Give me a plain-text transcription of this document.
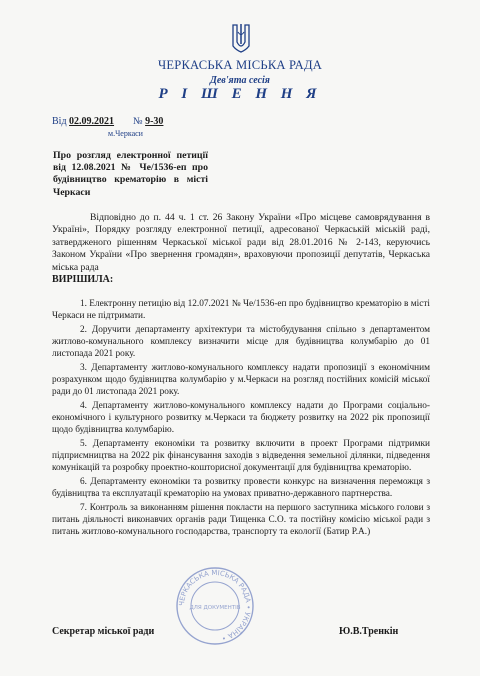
ЧЕРКАСЬКА МІСЬКА РАДА
Дев'ята сесія
Р І Ш Е Н Н Я
Від 02.09.2021 № 9-30
м.Черкаси
Про розгляд електронної петиції від 12.08.2021 № Че/1536-еп про будівництво крематорію в місті Черкаси
Відповідно до п. 44 ч. 1 ст. 26 Закону України «Про місцеве самоврядування в Україні», Порядку розгляду електронної петиції, адресованої Черкаській міській раді, затвердженого рішенням Черкаської міської ради від 28.01.2016 № 2-143, керуючись Законом України «Про звернення громадян», враховуючи пропозиції депутатів, Черкаська міська рада
ВИРІШИЛА:

1. Електронну петицію від 12.07.2021 № Че/1536-еп про будівництво крематорію в місті Черкаси не підтримати.

2. Доручити департаменту архітектури та містобудування спільно з департаментом житлово-комунального комплексу визначити місце для будівництва колумбарію до 01 листопада 2021 року.

3. Департаменту житлово-комунального комплексу надати пропозиції з економічним розрахунком щодо будівництва колумбарію у м.Черкаси на розгляд постійних комісій міської ради до 01 листопада 2021 року.

4. Департаменту житлово-комунального комплексу надати до Програми соціально-економічного і культурного розвитку м.Черкаси та бюджету розвитку на 2022 рік пропозиції щодо будівництва колумбарію.

5. Департаменту економіки та розвитку включити в проект Програми підтримки підприємництва на 2022 рік фінансування заходів з відведення земельної ділянки, підведення комунікацій та розробку проектно-кошторисної документації для будівництва крематорію.

6. Департаменту економіки та розвитку провести конкурс на визначення переможця з будівництва та експлуатації крематорію на умовах приватно-державного партнерства.

7. Контроль за виконанням рішення покласти на першого заступника міського голови з питань діяльності виконавчих органів ради Тищенка С.О. та постійну комісію міської ради з питань житлово-комунального господарства, транспорту та екології (Батир Р.А.)

ЧЕРКАСЬКА МІСЬКА РАДА • УКРАЇНА •
ДЛЯ ДОКУМЕНТІВ
Секретар міської ради	Ю.В.Тренкін
